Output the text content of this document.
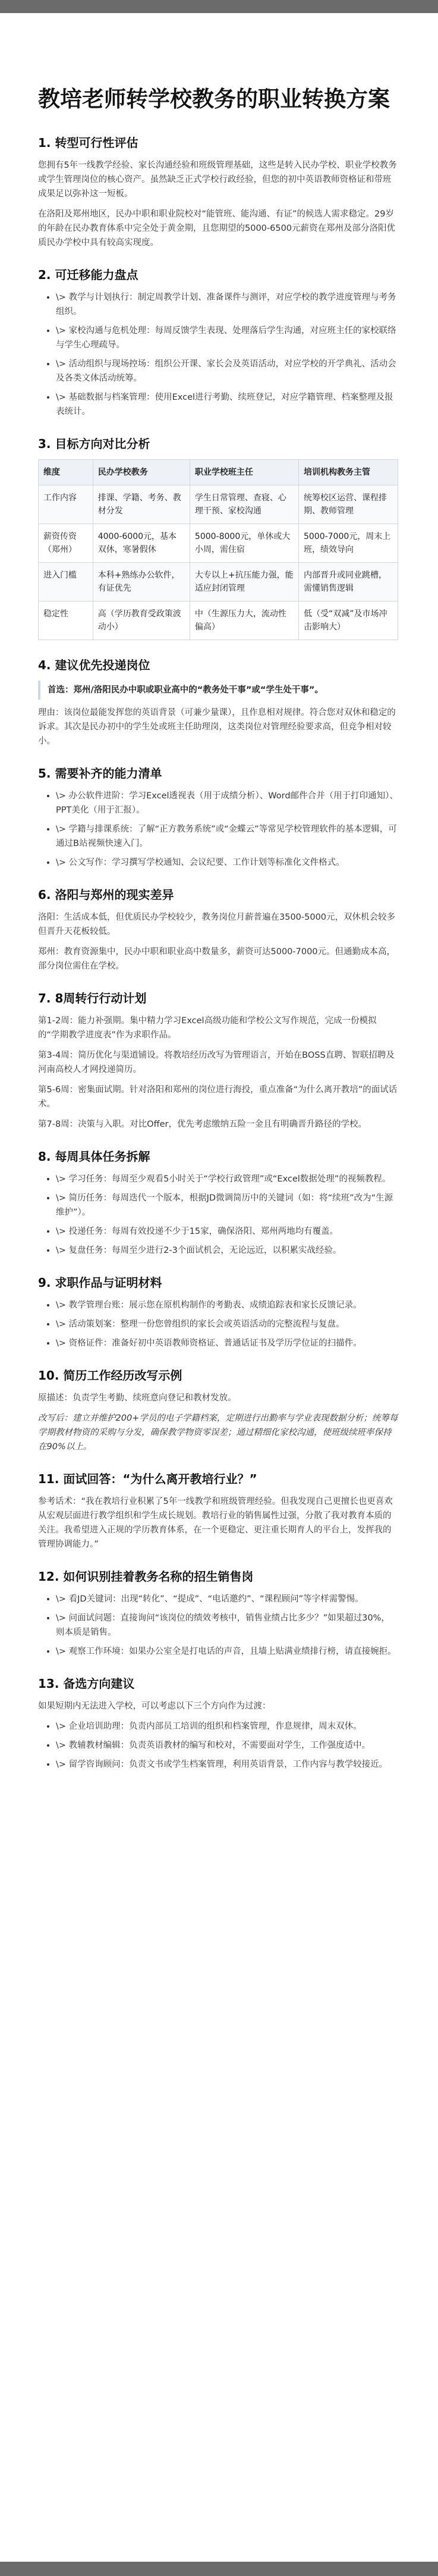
教培老师转学校教务的职业转换方案
1. 转型可行性评估

您拥有5年一线教学经验、家长沟通经验和班级管理基础，这些是转入民办学校、职业学校教务或学生管理岗位的核心资产。虽然缺乏正式学校行政经验，但您的初中英语教师资格证和带班成果足以弥补这一短板。

在洛阳及郑州地区，民办中职和职业院校对“能管班、能沟通、有证”的候选人需求稳定。29岁的年龄在民办教育体系中完全处于黄金期，且您期望的5000-6500元薪资在郑州及部分洛阳优质民办学校中具有较高实现度。

2. 可迁移能力盘点
• \> 教学与计划执行：制定周教学计划、准备课件与测评，对应学校的教学进度管理与考务组织。
• \> 家校沟通与危机处理：每周反馈学生表现、处理落后学生沟通，对应班主任的家校联络与学生心理疏导。
• \> 活动组织与现场控场：组织公开课、家长会及英语活动，对应学校的开学典礼、活动会及各类文体活动统筹。
• \> 基础数据与档案管理：使用Excel进行考勤、续班登记，对应学籍管理、档案整理及报表统计。
3. 目标方向对比分析
维度	民办学校教务	职业学校班主任	培训机构教务主管
工作内容	排课、学籍、考务、教材分发	学生日常管理、查寝、心理干预、家校沟通	统筹校区运营、课程排期、教师管理
薪资传资（郑州）	4000-6000元，基本双休，寒暑假休	5000-8000元，单休或大小周，需住宿	5000-7000元，周末上班，绩效导向
进入门槛	本科+熟练办公软件，有证优先	大专以上+抗压能力强，能适应封闭管理	内部晋升或同业跳槽，需懂销售逻辑
稳定性	高（学历教育受政策波动小）	中（生源压力大，流动性偏高）	低（受“双减”及市场冲击影响大）
4. 建议优先投递岗位

首选：郑州/洛阳民办中职或职业高中的“教务处干事”或“学生处干事”。

理由：该岗位最能发挥您的英语背景（可兼少量课），且作息相对规律。符合您对双休和稳定的诉求。其次是民办初中的学生处或班主任助理岗，这类岗位对管理经验要求高，但竞争相对较小。

5. 需要补齐的能力清单
• \> 办公软件进阶：学习Excel透视表（用于成绩分析）、Word邮件合并（用于打印通知）、PPT美化（用于汇报）。
• \> 学籍与排课系统：了解“正方教务系统”或“金蝶云”等常见学校管理软件的基本逻辑，可通过B站视频快速入门。
• \> 公文写作：学习撰写学校通知、会议纪要、工作计划等标准化文件格式。
6. 洛阳与郑州的现实差异

洛阳：生活成本低，但优质民办学校较少，教务岗位月薪普遍在3500-5000元，双休机会较多但晋升天花板较低。

郑州：教育资源集中，民办中职和职业高中数量多，薪资可达5000-7000元。但通勤成本高，部分岗位需住在学校。

7. 8周转行行动计划

第1-2周：能力补强期。集中精力学习Excel高级功能和学校公文写作规范，完成一份模拟的“学期教学进度表”作为求职作品。

第3-4周：简历优化与渠道铺设。将教培经历改写为管理语言，开始在BOSS直聘、智联招聘及河南高校人才网投递简历。

第5-6周：密集面试期。针对洛阳和郑州的岗位进行海投，重点准备“为什么离开教培”的面试话术。

第7-8周：决策与入职。对比Offer，优先考虑缴纳五险一金且有明确晋升路径的学校。

8. 每周具体任务拆解
• \> 学习任务：每周至少观看5小时关于“学校行政管理”或“Excel数据处理”的视频教程。
• \> 简历任务：每周迭代一个版本，根据JD微调简历中的关键词（如：将“续班”改为“生源维护”）。
• \> 投递任务：每周有效投递不少于15家，确保洛阳、郑州两地均有覆盖。
• \> 复盘任务：每周至少进行2-3个面试机会，无论远近，以积累实战经验。
9. 求职作品与证明材料
• \> 教学管理台账：展示您在原机构制作的考勤表、成绩追踪表和家长反馈记录。
• \> 活动策划案：整理一份您曾组织的家长会或英语活动的完整流程与复盘。
• \> 资格证件：准备好初中英语教师资格证、普通话证书及学历学位证的扫描件。
10. 简历工作经历改写示例

原描述：负责学生考勤、续班意向登记和教材发放。

改写后：建立并维护200+学员的电子学籍档案，定期进行出勤率与学业表现数据分析；统筹每学期教材物资的采购与分发，确保教学物资零误差；通过精细化家校沟通，使班级续班率保持在90%以上。

11. 面试回答：“为什么离开教培行业？”

参考话术：“我在教培行业积累了5年一线教学和班级管理经验。但我发现自己更擅长也更喜欢从宏观层面进行教学组织和学生成长规划。教培行业的销售属性过强，分散了我对教育本质的关注。我希望进入正规的学历教育体系，在一个更稳定、更注重长期育人的平台上，发挥我的管理协调能力。”

12. 如何识别挂着教务名称的招生销售岗
• \> 看JD关键词：出现“转化”、“提成”、“电话邀约”、“课程顾问”等字样需警惕。
• \> 问面试问题：直接询问“该岗位的绩效考核中，销售业绩占比多少？”如果超过30%，则本质是销售。
• \> 观察工作环境：如果办公室全是打电话的声音，且墙上贴满业绩排行榜，请直接婉拒。
13. 备选方向建议

如果短期内无法进入学校，可以考虑以下三个方向作为过渡：

• \> 企业培训助理：负责内部员工培训的组织和档案管理，作息规律，周末双休。
• \> 教辅教材编辑：负责英语教材的编写和校对，不需要面对学生，工作强度适中。
• \> 留学咨询顾问：负责文书或学生档案管理，利用英语背景，工作内容与教学较接近。
